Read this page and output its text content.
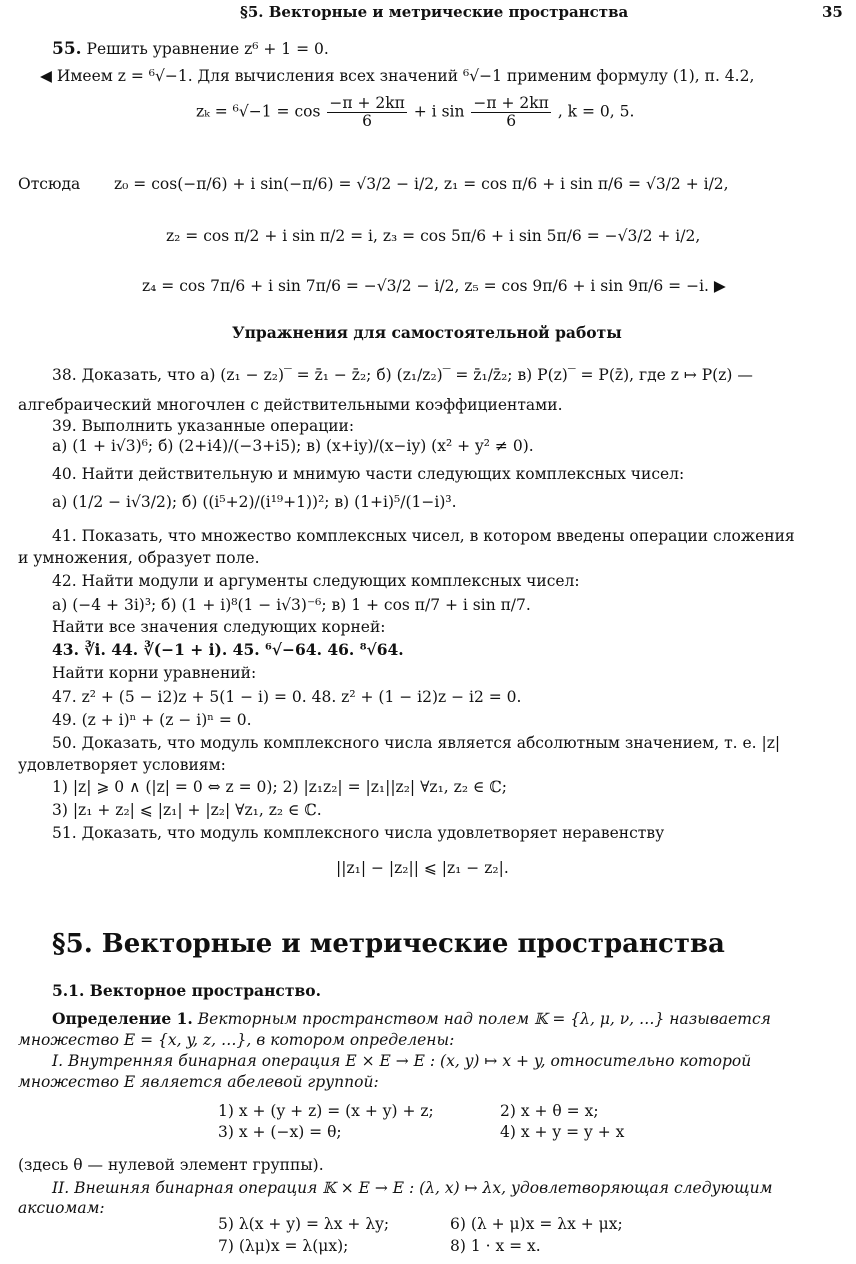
§5. Векторные и метрические пространства	35
55. Решить уравнение z⁶ + 1 = 0.
◀ Имеем z = ⁶√−1. Для вычисления всех значений ⁶√−1 применим формулу (1), п. 4.2,
$z_k = ^6√-1 = \cos \frac{-\pi + 2k\pi}{6} + i$ $\sin \frac{-\pi + 2k\pi}{6}$ , k = 0, 5.
Отсюда z₀ = cos(−π/6) + i sin(−π/6) = √3/2 − i/2, z₁ = cos π/6 + i sin π/6 = √3/2 + i/2,
z₂ = cos π/2 + i sin π/2 = i, z₃ = cos 5π/6 + i sin 5π/6 = −√3/2 + i/2,
z₄ = cos 7π/6 + i sin 7π/6 = −√3/2 − i/2, z₅ = cos 9π/6 + i sin 9π/6 = −i. ▶
Упражнения для самостоятельной работы
38. Доказать, что а) (z₁ − z₂)‾ = z̄₁ − z̄₂; б) (z₁/z₂)‾ = z̄₁/z̄₂; в) P(z)‾ = P(z̄), где z ↦ P(z) —
алгебраический многочлен с действительными коэффициентами.
39. Выполнить указанные операции:
а) (1 + i√3)⁶; б) (2+i4)/(−3+i5); в) (x+iy)/(x−iy) (x² + y² ≠ 0).
40. Найти действительную и мнимую части следующих комплексных чисел:
а) (1/2 − i√3/2); б) ((i⁵+2)/(i¹⁹+1))²; в) (1+i)⁵/(1−i)³.
41. Показать, что множество комплексных чисел, в котором введены операции сложения
и умножения, образует поле.
42. Найти модули и аргументы следующих комплексных чисел:
а) (−4 + 3i)³; б) (1 + i)⁸(1 − i√3)⁻⁶; в) 1 + cos π/7 + i sin π/7.
Найти все значения следующих корней:
43. ∛i. 44. ∛(−1 + i). 45. ⁶√−64. 46. ⁸√64.
Найти корни уравнений:
47. z² + (5 − i2)z + 5(1 − i) = 0. 48. z² + (1 − i2)z − i2 = 0.
49. (z + i)ⁿ + (z − i)ⁿ = 0.
50. Доказать, что модуль комплексного числа является абсолютным значением, т. е. |z|
удовлетворяет условиям:
1) |z| ⩾ 0 ∧ (|z| = 0 ⇔ z = 0); 2) |z₁z₂| = |z₁||z₂| ∀z₁, z₂ ∈ ℂ;
3) |z₁ + z₂| ⩽ |z₁| + |z₂| ∀z₁, z₂ ∈ ℂ.
51. Доказать, что модуль комплексного числа удовлетворяет неравенству
||z₁| − |z₂|| ⩽ |z₁ − z₂|.
§5. Векторные и метрические пространства
5.1. Векторное пространство.
Определение 1. Векторным пространством над полем 𝕂 = {λ, μ, ν, …} называется
множество E = {x, y, z, …}, в котором определены:
I. Внутренняя бинарная операция E × E → E : (x, y) ↦ x + y, относительно которой
множество E является абелевой группой:
1) x + (y + z) = (x + y) + z;	2) x + θ = x;
3) x + (−x) = θ;	4) x + y = y + x
(здесь θ — нулевой элемент группы).
II. Внешняя бинарная операция 𝕂 × E → E : (λ, x) ↦ λx, удовлетворяющая следующим
аксиомам:
5) λ(x + y) = λx + λy;	6) (λ + μ)x = λx + μx;
7) (λμ)x = λ(μx);	8) 1 · x = x.
